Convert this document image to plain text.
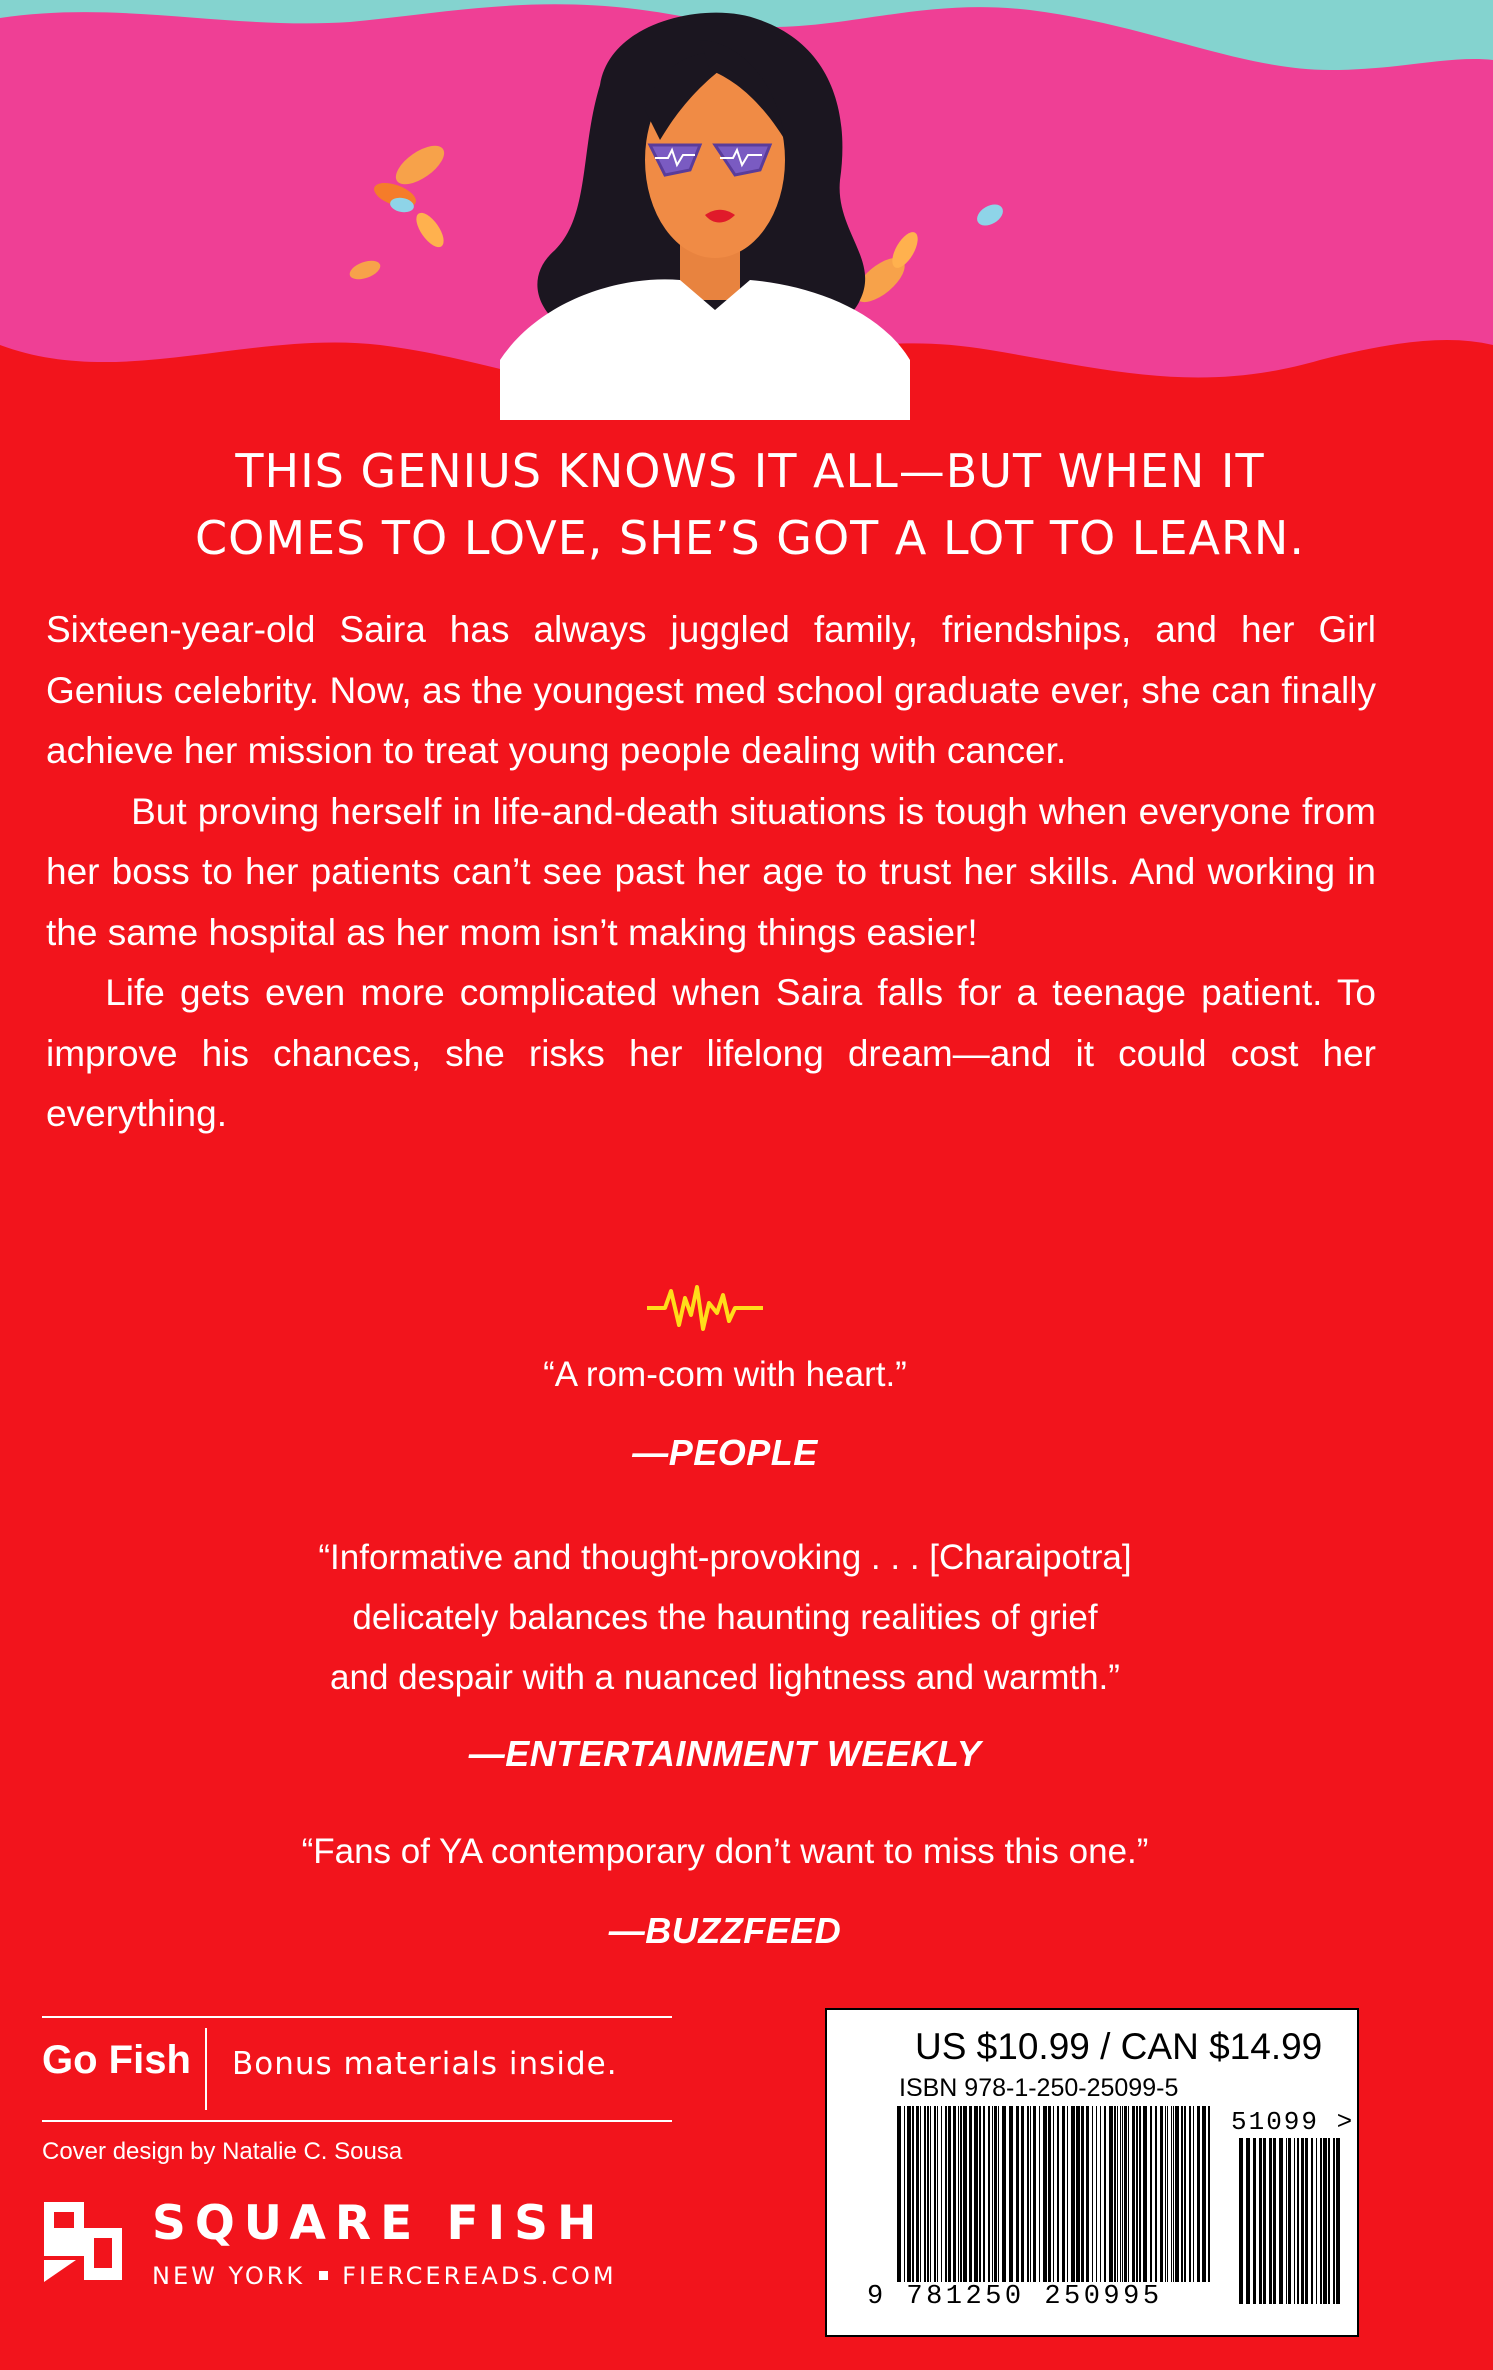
THIS GENIUS KNOWS IT ALL—BUT WHEN IT
COMES TO LOVE, SHE’S GOT A LOT TO LEARN.

Sixteen-year-old Saira has always juggled family, friendships, and her Girl Genius celebrity. Now, as the youngest med school graduate ever, she can finally achieve her mission to treat young people dealing with cancer.

But proving herself in life-and-death situations is tough when everyone from her boss to her patients can’t see past her age to trust her skills. And working in the same hospital as her mom isn’t making things easier!

Life gets even more complicated when Saira falls for a teenage patient. To improve his chances, she risks her lifelong dream—and it could cost her everything.

“A rom-com with heart.”
—PEOPLE
“Informative and thought-provoking . . . [Charaipotra]
delicately balances the haunting realities of grief
and despair with a nuanced lightness and warmth.”
—ENTERTAINMENT WEEKLY
“Fans of YA contemporary don’t want to miss this one.”
—BUZZFEED
Go Fish Bonus materials inside.
Cover design by Natalie C. Sousa
SQUARE FISH
NEW YORK FIERCEREADS.COM
US $10.99 / CAN $14.99
ISBN 978-1-250-25099-5
51099 >
9 781250 250995
